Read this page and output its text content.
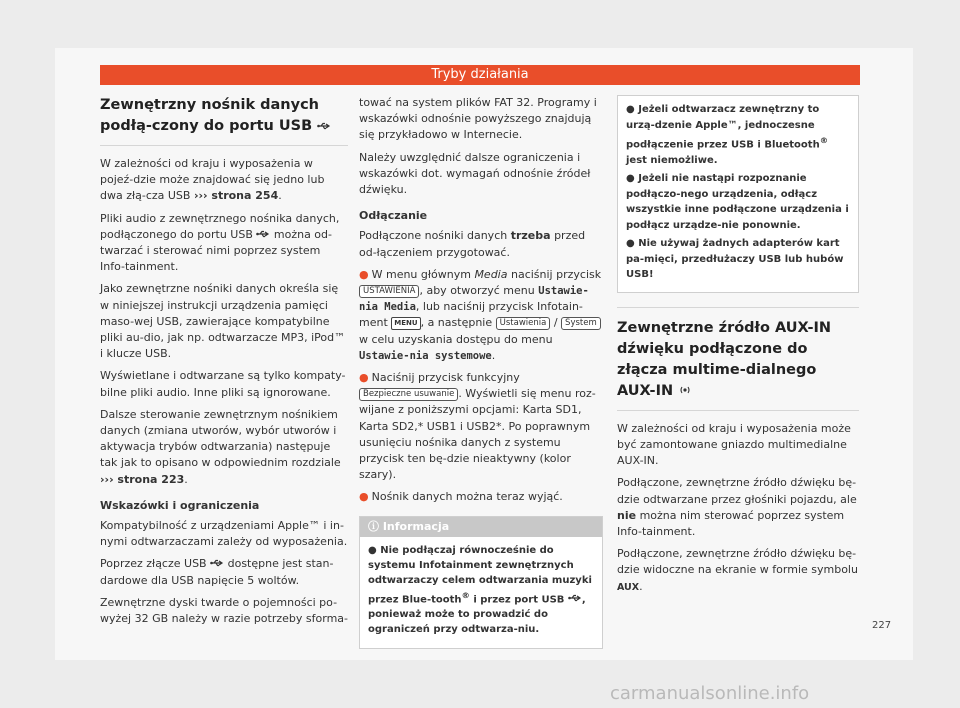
Tryby działania
Zewnętrzny nośnik danych podłą-czony do portu USB

W zależności od kraju i wyposażenia w pojeź-dzie może znajdować się jedno lub dwa złą-cza USB ››› strona 254.

Pliki audio z zewnętrznego nośnika danych, podłączonego do portu USB można od-twarzać i sterować nimi poprzez system Info-tainment.

Jako zewnętrzne nośniki danych określa się w niniejszej instrukcji urządzenia pamięci maso-wej USB, zawierające kompatybilne pliki au-dio, jak np. odtwarzacze MP3, iPod™ i klucze USB.

Wyświetlane i odtwarzane są tylko kompaty-bilne pliki audio. Inne pliki są ignorowane.

Dalsze sterowanie zewnętrznym nośnikiem danych (zmiana utworów, wybór utworów i aktywacja trybów odtwarzania) następuje tak jak to opisano w odpowiednim rozdziale ››› strona 223.

Wskazówki i ograniczenia

Kompatybilność z urządzeniami Apple™ i in-nymi odtwarzaczami zależy od wyposażenia.

Poprzez złącze USB dostępne jest stan-dardowe dla USB napięcie 5 woltów.

Zewnętrzne dyski twarde o pojemności po-wyżej 32 GB należy w razie potrzeby sforma-

tować na system plików FAT 32. Programy i wskazówki odnośnie powyższego znajdują się przykładowo w Internecie.

Należy uwzględnić dalsze ograniczenia i wskazówki dot. wymagań odnośnie źródeł dźwięku.

Odłączanie

Podłączone nośniki danych trzeba przed od-łączeniem przygotować.

● W menu głównym Media naciśnij przycisk USTAWIENIA , aby otworzyć menu Ustawie-nia Media, lub naciśnij przycisk Infotain-ment MENU , a następnie Ustawienia / System w celu uzyskania dostępu do menu Ustawie-nia systemowe.

● Naciśnij przycisk funkcyjny Bezpieczne usuwanie . Wyświetli się menu roz-wijane z poniższymi opcjami: Karta SD1, Karta SD2,* USB1 i USB2*. Po poprawnym usunięciu nośnika danych z systemu przycisk ten bę-dzie nieaktywny (kolor szary).

● Nośnik danych można teraz wyjąć.

ⓘ Informacja

● Nie podłączaj równocześnie do systemu Infotainment zewnętrznych odtwarzaczy celem odtwarzania muzyki przez Blue-tooth® i przez port USB , ponieważ może to prowadzić do ograniczeń przy odtwarza-niu.

● Jeżeli odtwarzacz zewnętrzny to urzą-dzenie Apple™, jednoczesne podłączenie przez USB i Bluetooth® jest niemożliwe.

● Jeżeli nie nastąpi rozpoznanie podłączo-nego urządzenia, odłącz wszystkie inne podłączone urządzenia i podłącz urządze-nie ponownie.

● Nie używaj żadnych adapterów kart pa-mięci, przedłużaczy USB lub hubów USB!

Zewnętrzne źródło AUX-IN dźwięku podłączone do złącza multime-dialnego AUX-IN

W zależności od kraju i wyposażenia może być zamontowane gniazdo multimedialne AUX-IN.

Podłączone, zewnętrzne źródło dźwięku bę-dzie odtwarzane przez głośniki pojazdu, ale nie można nim sterować poprzez system Info-tainment.

Podłączone, zewnętrzne źródło dźwięku bę-dzie widoczne na ekranie w formie symbolu AUX.

227
carmanualsonline.info
